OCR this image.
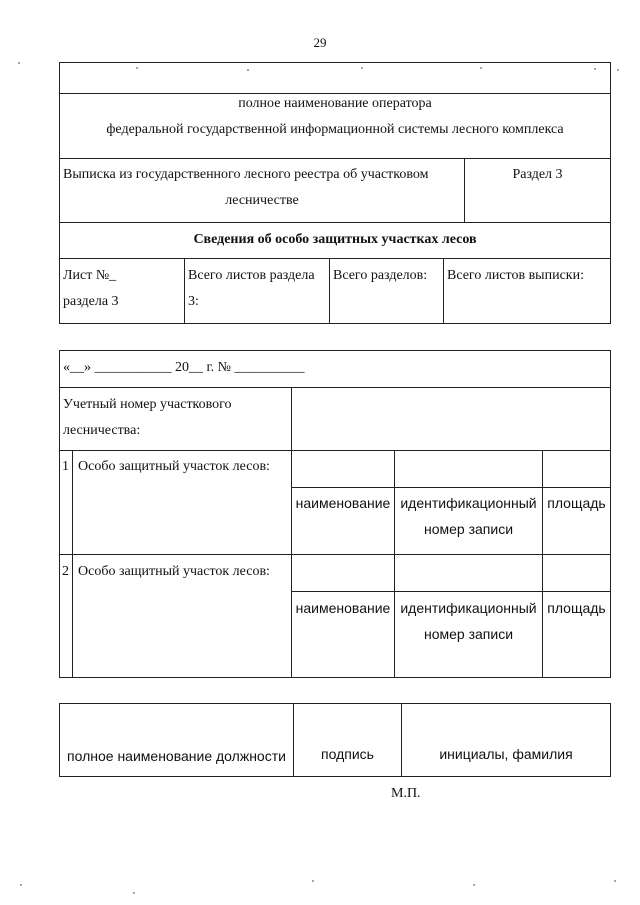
29
полное наименование оператора
федеральной государственной информационной системы лесного комплекса
Выписка из государственного лесного реестра об участковом
лесничестве
Раздел 3
Сведения об особо защитных участках лесов
Лист №_
раздела 3
Всего листов раздела
3:
Всего разделов: Всего листов выписки:
«__» ___________ 20__ г. № __________
Учетный номер участкового
лесничества:
1 Особо защитный участок лесов:
наименование идентификационный
номер записи
площадь
2 Особо защитный участок лесов:
наименование идентификационный
номер записи
площадь
полное наименование должности	подпись	инициалы, фамилия
М.П.
